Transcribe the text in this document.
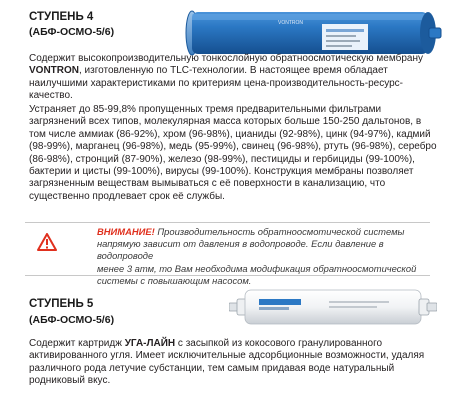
СТУПЕНЬ 4
(АБФ-ОСМО-5/6)
VONTRON
Содержит высокопроизводительную тонкослойную обратноосмотическую мембрану
VONTRON, изготовленную по TLC-технологии. В настоящее время обладает
наилучшими характеристиками по критериям цена-производительность-ресурс-
качество.
Устраняет до 85-99,8% пропущенных тремя предварительными фильтрами
загрязнений всех типов, молекулярная масса которых больше 150-250 дальтонов, в
том числе аммиак (86-92%), хром (96-98%), цианиды (92-98%), цинк (94-97%), кадмий
(98-99%), марганец (96-98%), медь (95-99%), свинец (96-98%), ртуть (96-98%), серебро
(86-98%), стронций (87-90%), железо (98-99%), пестициды и гербициды (99-100%),
бактерии и цисты (99-100%), вирусы (99-100%). Конструкция мембраны позволяет
загрязненным веществам вымываться с её поверхности в канализацию, что
существенно продлевает срок её службы.
ВНИМАНИЕ! Производительность обратноосмотической системы
напрямую зависит от давления в водопроводе. Если давление в водопроводе
менее 3 атм, то Вам необходима модификация обратноосмотической
системы с повышающим насосом.
СТУПЕНЬ 5
(АБФ-ОСМО-5/6)
Содержит картридж УГА-ЛАЙН с засыпкой из кокосового гранулированного
активированного угля. Имеет исключительные адсорбционные возможности, удаляя
различного рода летучие субстанции, тем самым придавая воде натуральный
родниковый вкус.
